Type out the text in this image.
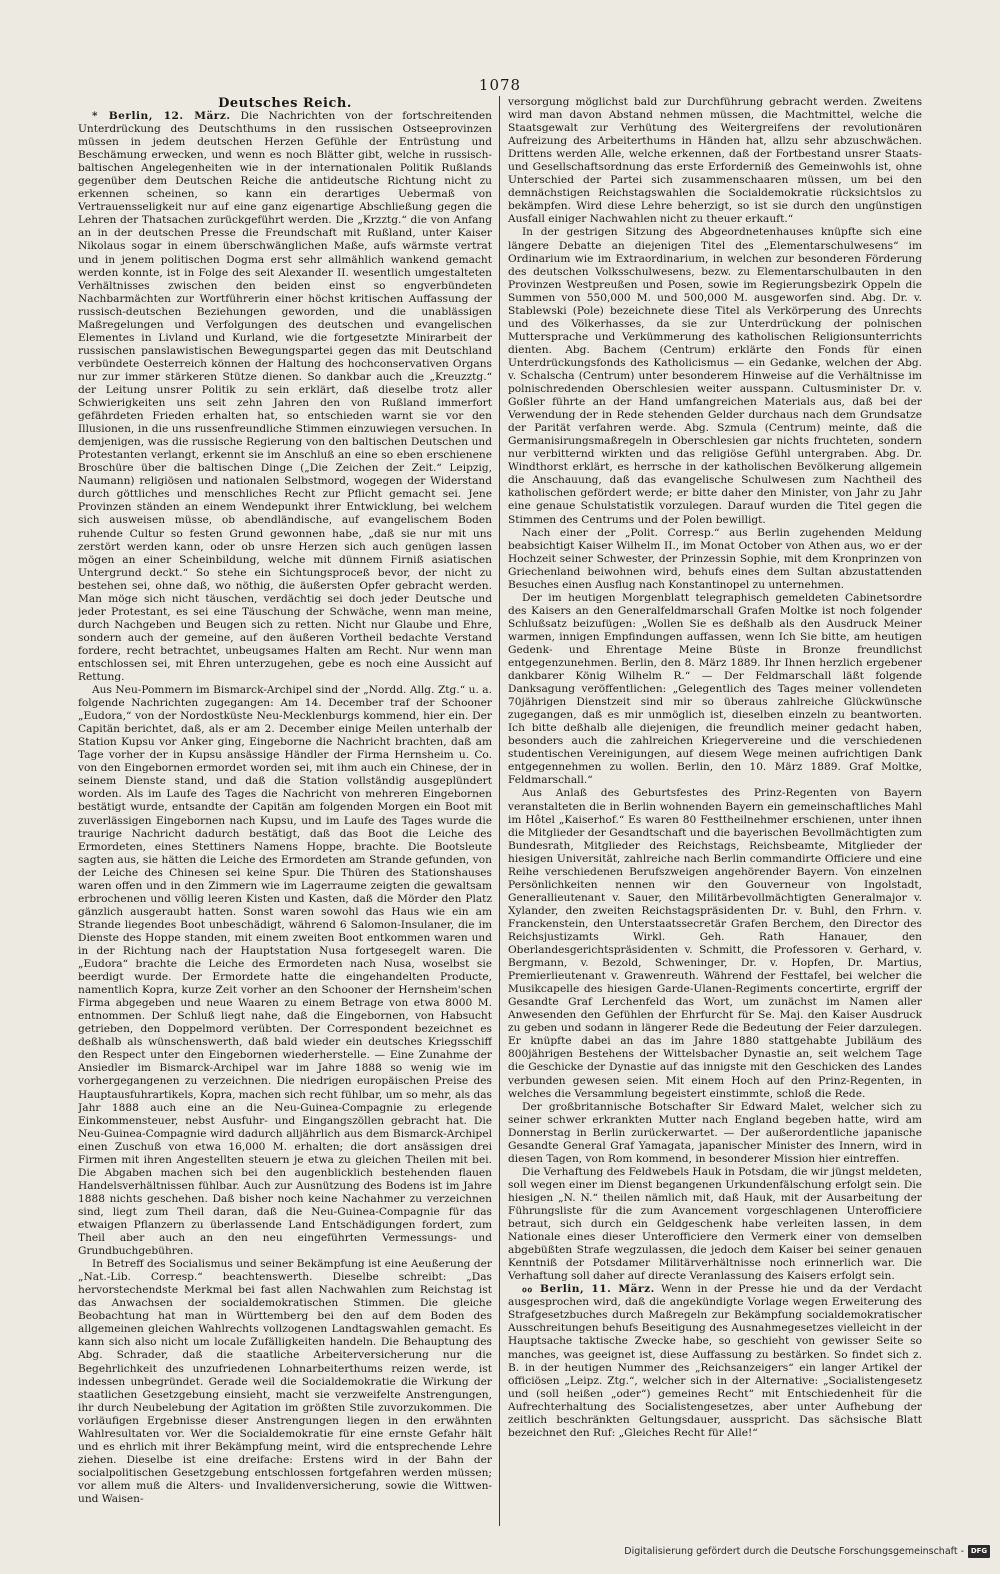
1078
Deutsches Reich.

* Berlin, 12. März. Die Nachrichten von der fortschreitenden Unterdrückung des Deutschthums in den russischen Ostseeprovinzen müssen in jedem deutschen Herzen Gefühle der Entrüstung und Beschämung erwecken, und wenn es noch Blätter gibt, welche in russisch-baltischen Angelegenheiten wie in der internationalen Politik Rußlands gegenüber dem Deutschen Reiche die antideutsche Richtung nicht zu erkennen scheinen, so kann ein derartiges Uebermaß von Vertrauensseligkeit nur auf eine ganz eigenartige Abschließung gegen die Lehren der Thatsachen zurückgeführt werden. Die „Krzztg.“ die von Anfang an in der deutschen Presse die Freundschaft mit Rußland, unter Kaiser Nikolaus sogar in einem überschwänglichen Maße, aufs wärmste vertrat und in jenem politischen Dogma erst sehr allmählich wankend gemacht werden konnte, ist in Folge des seit Alexander II. wesentlich umgestalteten Verhältnisses zwischen den beiden einst so engverbündeten Nachbarmächten zur Wortführerin einer höchst kritischen Auffassung der russisch-deutschen Beziehungen geworden, und die unablässigen Maßregelungen und Verfolgungen des deutschen und evangelischen Elementes in Livland und Kurland, wie die fortgesetzte Minirarbeit der russischen panslawistischen Bewegungspartei gegen das mit Deutschland verbündete Oesterreich können der Haltung des hochconservativen Organs nur zur immer stärkeren Stütze dienen. So dankbar auch die „Kreuzztg.“ der Leitung unsrer Politik zu sein erklärt, daß dieselbe trotz aller Schwierigkeiten uns seit zehn Jahren den von Rußland immerfort gefährdeten Frieden erhalten hat, so entschieden warnt sie vor den Illusionen, in die uns russenfreundliche Stimmen einzuwiegen versuchen. In demjenigen, was die russische Regierung von den baltischen Deutschen und Protestanten verlangt, erkennt sie im Anschluß an eine so eben erschienene Broschüre über die baltischen Dinge („Die Zeichen der Zeit.“ Leipzig, Naumann) religiösen und nationalen Selbstmord, wogegen der Widerstand durch göttliches und menschliches Recht zur Pflicht gemacht sei. Jene Provinzen ständen an einem Wendepunkt ihrer Entwicklung, bei welchem sich ausweisen müsse, ob abendländische, auf evangelischem Boden ruhende Cultur so festen Grund gewonnen habe, „daß sie nur mit uns zerstört werden kann, oder ob unsre Herzen sich auch genügen lassen mögen an einer Scheinbildung, welche mit dünnem Firniß asiatischen Untergrund deckt.“ So stehe ein Sichtungsproceß bevor, der nicht zu bestehen sei, ohne daß, wo nöthig, die äußersten Opfer gebracht werden. Man möge sich nicht täuschen, verdächtig sei doch jeder Deutsche und jeder Protestant, es sei eine Täuschung der Schwäche, wenn man meine, durch Nachgeben und Beugen sich zu retten. Nicht nur Glaube und Ehre, sondern auch der gemeine, auf den äußeren Vortheil bedachte Verstand fordere, recht betrachtet, unbeugsames Halten am Recht. Nur wenn man entschlossen sei, mit Ehren unterzugehen, gebe es noch eine Aussicht auf Rettung.

Aus Neu-Pommern im Bismarck-Archipel sind der „Nordd. Allg. Ztg.“ u. a. folgende Nachrichten zugegangen: Am 14. December traf der Schooner „Eudora,“ von der Nordostküste Neu-Mecklenburgs kommend, hier ein. Der Capitän berichtet, daß, als er am 2. December einige Meilen unterhalb der Station Kupsu vor Anker ging, Eingeborne die Nachricht brachten, daß am Tage vorher der in Kupsu ansässige Händler der Firma Hernsheim u. Co. von den Eingebornen ermordet worden sei, mit ihm auch ein Chinese, der in seinem Dienste stand, und daß die Station vollständig ausgeplündert worden. Als im Laufe des Tages die Nachricht von mehreren Eingebornen bestätigt wurde, entsandte der Capitän am folgenden Morgen ein Boot mit zuverlässigen Eingebornen nach Kupsu, und im Laufe des Tages wurde die traurige Nachricht dadurch bestätigt, daß das Boot die Leiche des Ermordeten, eines Stettiners Namens Hoppe, brachte. Die Bootsleute sagten aus, sie hätten die Leiche des Ermordeten am Strande gefunden, von der Leiche des Chinesen sei keine Spur. Die Thüren des Stationshauses waren offen und in den Zimmern wie im Lagerraume zeigten die gewaltsam erbrochenen und völlig leeren Kisten und Kasten, daß die Mörder den Platz gänzlich ausgeraubt hatten. Sonst waren sowohl das Haus wie ein am Strande liegendes Boot unbeschädigt, während 6 Salomon-Insulaner, die im Dienste des Hoppe standen, mit einem zweiten Boot entkommen waren und in der Richtung nach der Hauptstation Nusa fortgesegelt waren. Die „Eudora“ brachte die Leiche des Ermordeten nach Nusa, woselbst sie beerdigt wurde. Der Ermordete hatte die eingehandelten Producte, namentlich Kopra, kurze Zeit vorher an den Schooner der Hernsheim'schen Firma abgegeben und neue Waaren zu einem Betrage von etwa 8000 M. entnommen. Der Schluß liegt nahe, daß die Eingebornen, von Habsucht getrieben, den Doppelmord verübten. Der Correspondent bezeichnet es deßhalb als wünschenswerth, daß bald wieder ein deutsches Kriegsschiff den Respect unter den Eingebornen wiederherstelle. — Eine Zunahme der Ansiedler im Bismarck-Archipel war im Jahre 1888 so wenig wie im vorhergegangenen zu verzeichnen. Die niedrigen europäischen Preise des Hauptausfuhrartikels, Kopra, machen sich recht fühlbar, um so mehr, als das Jahr 1888 auch eine an die Neu-Guinea-Compagnie zu erlegende Einkommensteuer, nebst Ausfuhr- und Eingangszöllen gebracht hat. Die Neu-Guinea-Compagnie wird dadurch alljährlich aus dem Bismarck-Archipel einen Zuschuß von etwa 16,000 M. erhalten; die dort ansässigen drei Firmen mit ihren Angestellten steuern je etwa zu gleichen Theilen mit bei. Die Abgaben machen sich bei den augenblicklich bestehenden flauen Handelsverhältnissen fühlbar. Auch zur Ausnützung des Bodens ist im Jahre 1888 nichts geschehen. Daß bisher noch keine Nachahmer zu verzeichnen sind, liegt zum Theil daran, daß die Neu-Guinea-Compagnie für das etwaigen Pflanzern zu überlassende Land Entschädigungen fordert, zum Theil aber auch an den neu eingeführten Vermessungs- und Grundbuchgebühren.

In Betreff des Socialismus und seiner Bekämpfung ist eine Aeußerung der „Nat.-Lib. Corresp.“ beachtenswerth. Dieselbe schreibt: „Das hervorstechendste Merkmal bei fast allen Nachwahlen zum Reichstag ist das Anwachsen der socialdemokratischen Stimmen. Die gleiche Beobachtung hat man in Württemberg bei den auf dem Boden des allgemeinen gleichen Wahlrechts vollzogenen Landtagswahlen gemacht. Es kann sich also nicht um locale Zufälligkeiten handeln. Die Behauptung des Abg. Schrader, daß die staatliche Arbeiterversicherung nur die Begehrlichkeit des unzufriedenen Lohnarbeiterthums reizen werde, ist indessen unbegründet. Gerade weil die Socialdemokratie die Wirkung der staatlichen Gesetzgebung einsieht, macht sie verzweifelte Anstrengungen, ihr durch Neubelebung der Agitation im größten Stile zuvorzukommen. Die vorläufigen Ergebnisse dieser Anstrengungen liegen in den erwähnten Wahlresultaten vor. Wer die Socialdemokratie für eine ernste Gefahr hält und es ehrlich mit ihrer Bekämpfung meint, wird die entsprechende Lehre ziehen. Dieselbe ist eine dreifache: Erstens wird in der Bahn der socialpolitischen Gesetzgebung entschlossen fortgefahren werden müssen; vor allem muß die Alters- und Invalidenversicherung, sowie die Wittwen- und Waisen-

versorgung möglichst bald zur Durchführung gebracht werden. Zweitens wird man davon Abstand nehmen müssen, die Machtmittel, welche die Staatsgewalt zur Verhütung des Weitergreifens der revolutionären Aufreizung des Arbeiterthums in Händen hat, allzu sehr abzuschwächen. Drittens werden Alle, welche erkennen, daß der Fortbestand unsrer Staats- und Gesellschaftsordnung das erste Erforderniß des Gemeinwohls ist, ohne Unterschied der Partei sich zusammenschaaren müssen, um bei den demnächstigen Reichstagswahlen die Socialdemokratie rücksichtslos zu bekämpfen. Wird diese Lehre beherzigt, so ist sie durch den ungünstigen Ausfall einiger Nachwahlen nicht zu theuer erkauft.“

In der gestrigen Sitzung des Abgeordnetenhauses knüpfte sich eine längere Debatte an diejenigen Titel des „Elementarschulwesens“ im Ordinarium wie im Extraordinarium, in welchen zur besonderen Förderung des deutschen Volksschulwesens, bezw. zu Elementarschulbauten in den Provinzen Westpreußen und Posen, sowie im Regierungsbezirk Oppeln die Summen von 550,000 M. und 500,000 M. ausgeworfen sind. Abg. Dr. v. Stablewski (Pole) bezeichnete diese Titel als Verkörperung des Unrechts und des Völkerhasses, da sie zur Unterdrückung der polnischen Muttersprache und Verkümmerung des katholischen Religionsunterrichts dienten. Abg. Bachem (Centrum) erklärte den Fonds für einen Unterdrückungsfonds des Katholicismus — ein Gedanke, welchen der Abg. v. Schalscha (Centrum) unter besonderem Hinweise auf die Verhältnisse im polnischredenden Oberschlesien weiter ausspann. Cultusminister Dr. v. Goßler führte an der Hand umfangreichen Materials aus, daß bei der Verwendung der in Rede stehenden Gelder durchaus nach dem Grundsatze der Parität verfahren werde. Abg. Szmula (Centrum) meinte, daß die Germanisirungsmaßregeln in Oberschlesien gar nichts fruchteten, sondern nur verbitternd wirkten und das religiöse Gefühl untergraben. Abg. Dr. Windthorst erklärt, es herrsche in der katholischen Bevölkerung allgemein die Anschauung, daß das evangelische Schulwesen zum Nachtheil des katholischen gefördert werde; er bitte daher den Minister, von Jahr zu Jahr eine genaue Schulstatistik vorzulegen. Darauf wurden die Titel gegen die Stimmen des Centrums und der Polen bewilligt.

Nach einer der „Polit. Corresp.“ aus Berlin zugehenden Meldung beabsichtigt Kaiser Wilhelm II., im Monat October von Athen aus, wo er der Hochzeit seiner Schwester, der Prinzessin Sophie, mit dem Kronprinzen von Griechenland beiwohnen wird, behufs eines dem Sultan abzustattenden Besuches einen Ausflug nach Konstantinopel zu unternehmen.

Der im heutigen Morgenblatt telegraphisch gemeldeten Cabinetsordre des Kaisers an den Generalfeldmarschall Grafen Moltke ist noch folgender Schlußsatz beizufügen: „Wollen Sie es deßhalb als den Ausdruck Meiner warmen, innigen Empfindungen auffassen, wenn Ich Sie bitte, am heutigen Gedenk- und Ehrentage Meine Büste in Bronze freundlichst entgegenzunehmen. Berlin, den 8. März 1889. Ihr Ihnen herzlich ergebener dankbarer König Wilhelm R.“ — Der Feldmarschall läßt folgende Danksagung veröffentlichen: „Gelegentlich des Tages meiner vollendeten 70jährigen Dienstzeit sind mir so überaus zahlreiche Glückwünsche zugegangen, daß es mir unmöglich ist, dieselben einzeln zu beantworten. Ich bitte deßhalb alle diejenigen, die freundlich meiner gedacht haben, besonders auch die zahlreichen Kriegervereine und die verschiedenen studentischen Vereinigungen, auf diesem Wege meinen aufrichtigen Dank entgegennehmen zu wollen. Berlin, den 10. März 1889. Graf Moltke, Feldmarschall.“

Aus Anlaß des Geburtsfestes des Prinz-Regenten von Bayern veranstalteten die in Berlin wohnenden Bayern ein gemeinschaftliches Mahl im Hôtel „Kaiserhof.“ Es waren 80 Festtheilnehmer erschienen, unter ihnen die Mitglieder der Gesandtschaft und die bayerischen Bevollmächtigten zum Bundesrath, Mitglieder des Reichstags, Reichsbeamte, Mitglieder der hiesigen Universität, zahlreiche nach Berlin commandirte Officiere und eine Reihe verschiedenen Berufszweigen angehörender Bayern. Von einzelnen Persönlichkeiten nennen wir den Gouverneur von Ingolstadt, Generallieutenant v. Sauer, den Militärbevollmächtigten Generalmajor v. Xylander, den zweiten Reichstagspräsidenten Dr. v. Buhl, den Frhrn. v. Franckenstein, den Unterstaatssecretär Grafen Berchem, den Director des Reichsjustizamts Wirkl. Geh. Rath Hanauer, den Oberlandesgerichtspräsidenten v. Schmitt, die Professoren v. Gerhard, v. Bergmann, v. Bezold, Schweninger, Dr. v. Hopfen, Dr. Martius, Premierlieutenant v. Grawenreuth. Während der Festtafel, bei welcher die Musikcapelle des hiesigen Garde-Ulanen-Regiments concertirte, ergriff der Gesandte Graf Lerchenfeld das Wort, um zunächst im Namen aller Anwesenden den Gefühlen der Ehrfurcht für Se. Maj. den Kaiser Ausdruck zu geben und sodann in längerer Rede die Bedeutung der Feier darzulegen. Er knüpfte dabei an das im Jahre 1880 stattgehabte Jubiläum des 800jährigen Bestehens der Wittelsbacher Dynastie an, seit welchem Tage die Geschicke der Dynastie auf das innigste mit den Geschicken des Landes verbunden gewesen seien. Mit einem Hoch auf den Prinz-Regenten, in welches die Versammlung begeistert einstimmte, schloß die Rede.

Der großbritannische Botschafter Sir Edward Malet, welcher sich zu seiner schwer erkrankten Mutter nach England begeben hatte, wird am Donnerstag in Berlin zurückerwartet. — Der außerordentliche japanische Gesandte General Graf Yamagata, japanischer Minister des Innern, wird in diesen Tagen, von Rom kommend, in besonderer Mission hier eintreffen.

Die Verhaftung des Feldwebels Hauk in Potsdam, die wir jüngst meldeten, soll wegen einer im Dienst begangenen Urkundenfälschung erfolgt sein. Die hiesigen „N. N.“ theilen nämlich mit, daß Hauk, mit der Ausarbeitung der Führungsliste für die zum Avancement vorgeschlagenen Unterofficiere betraut, sich durch ein Geldgeschenk habe verleiten lassen, in dem Nationale eines dieser Unterofficiere den Vermerk einer von demselben abgebüßten Strafe wegzulassen, die jedoch dem Kaiser bei seiner genauen Kenntniß der Potsdamer Militärverhältnisse noch erinnerlich war. Die Verhaftung soll daher auf directe Veranlassung des Kaisers erfolgt sein.

ℴℴ Berlin, 11. März. Wenn in der Presse hie und da der Verdacht ausgesprochen wird, daß die angekündigte Vorlage wegen Erweiterung des Strafgesetzbuches durch Maßregeln zur Bekämpfung socialdemokratischer Ausschreitungen behufs Beseitigung des Ausnahmegesetzes vielleicht in der Hauptsache taktische Zwecke habe, so geschieht von gewisser Seite so manches, was geeignet ist, diese Auffassung zu bestärken. So findet sich z. B. in der heutigen Nummer des „Reichsanzeigers“ ein langer Artikel der officiösen „Leipz. Ztg.“, welcher sich in der Alternative: „Socialistengesetz und (soll heißen „oder“) gemeines Recht“ mit Entschiedenheit für die Aufrechterhaltung des Socialistengesetzes, aber unter Aufhebung der zeitlich beschränkten Geltungsdauer, ausspricht. Das sächsische Blatt bezeichnet den Ruf: „Gleiches Recht für Alle!“

Digitalisierung gefördert durch die Deutsche Forschungsgemeinschaft - DFG
